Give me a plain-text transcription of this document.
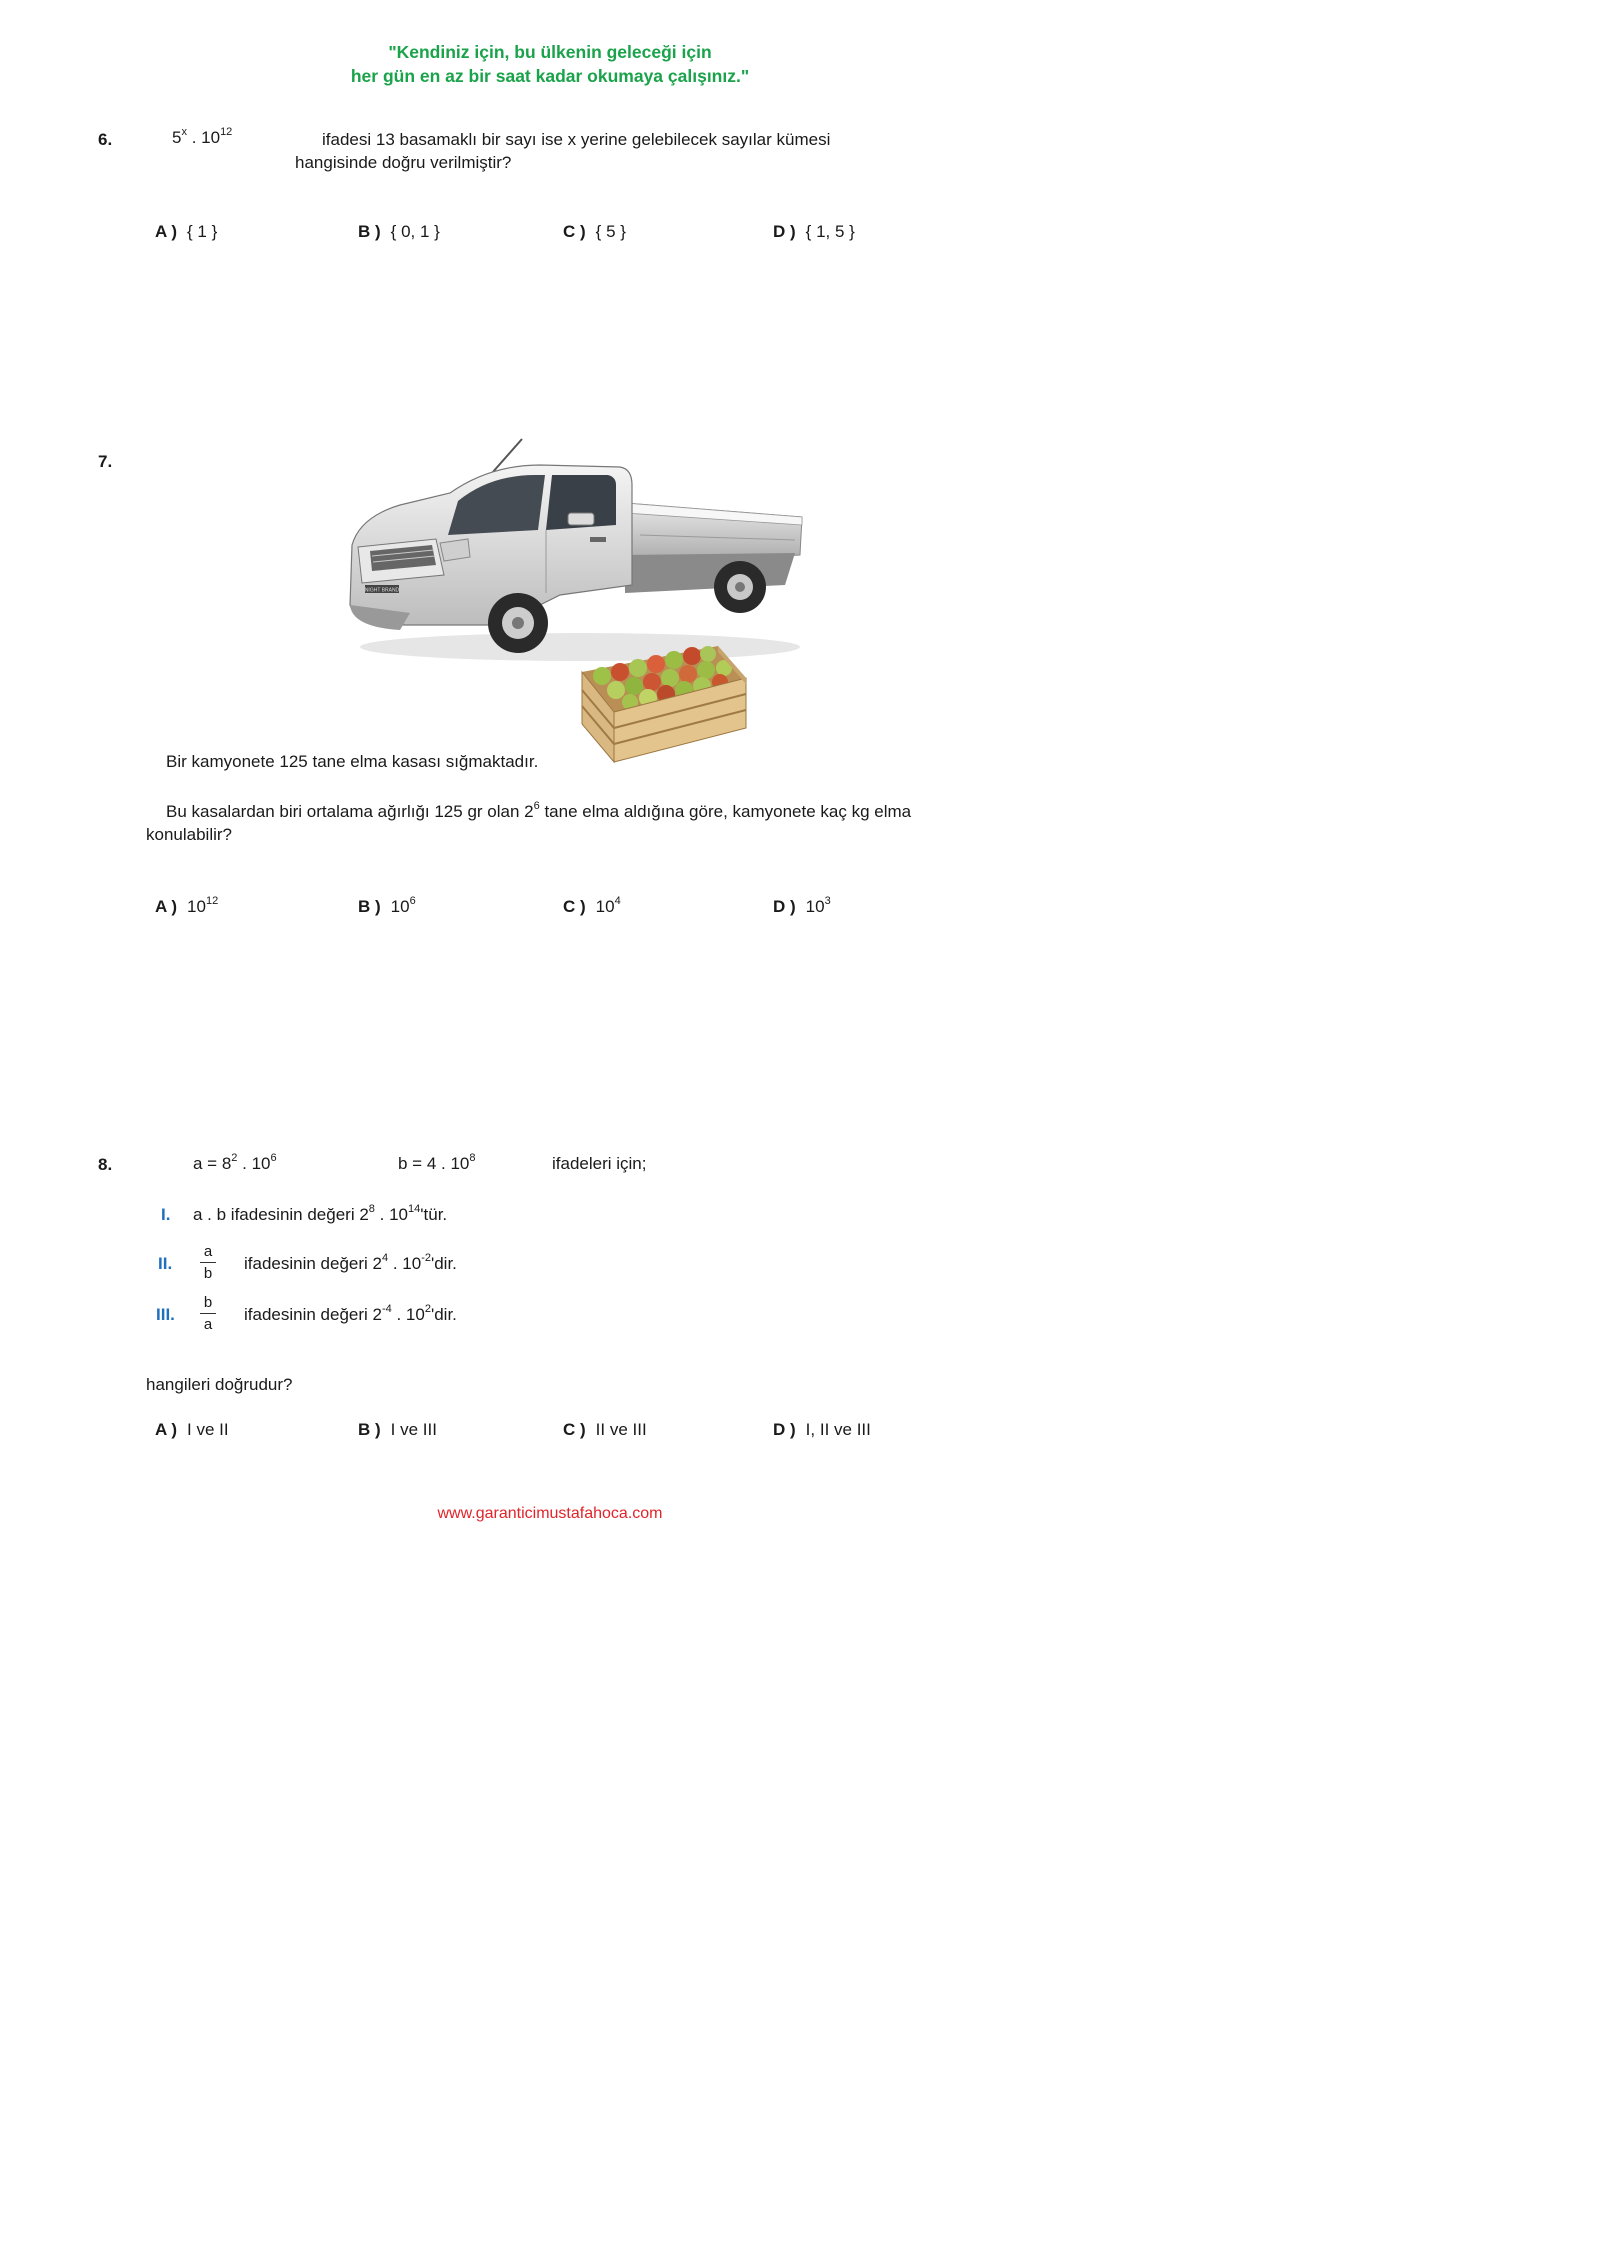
"Kendiniz için, bu ülkenin geleceği için
her gün en az bir saat kadar okumaya çalışınız."
6.	5$^x$ . $10^{12}$	ifadesi 13 basamaklı bir sayı ise x yerine gelebilecek sayılar kümesi
hangisinde doğru verilmiştir?
A ) { 1 }	B ) { 0, 1 }	C ) { 5 }	D ) { 1, 5 }
7.
NIGHT BRAND
Bir kamyonete 125 tane elma kasası sığmaktadır.
Bu kasalardan biri ortalama ağırlığı 125 gr olan $2^6$ tane elma aldığına göre, kamyonete kaç kg elma
konulabilir?
A ) $10^{12}$	B ) $10^6$	C ) $10^4$	D ) $10^3$
8.	$a = 8^2$ . $10^6$	b = 4 . $10^8$	ifadeleri için;
I. a . b ifadesinin değeri $2^8$ . $10^{14}'tür$.
II.
a
b
ifadesinin değeri $2^4$ . $10^{-2}'dir$.
III.
b
a
ifadesinin değeri $2^{-4}$ . $10^2'dir$.
hangileri doğrudur?
A ) I ve II	B ) I ve III	C ) II ve III	D ) I, II ve III
www.garanticimustafahoca.com
